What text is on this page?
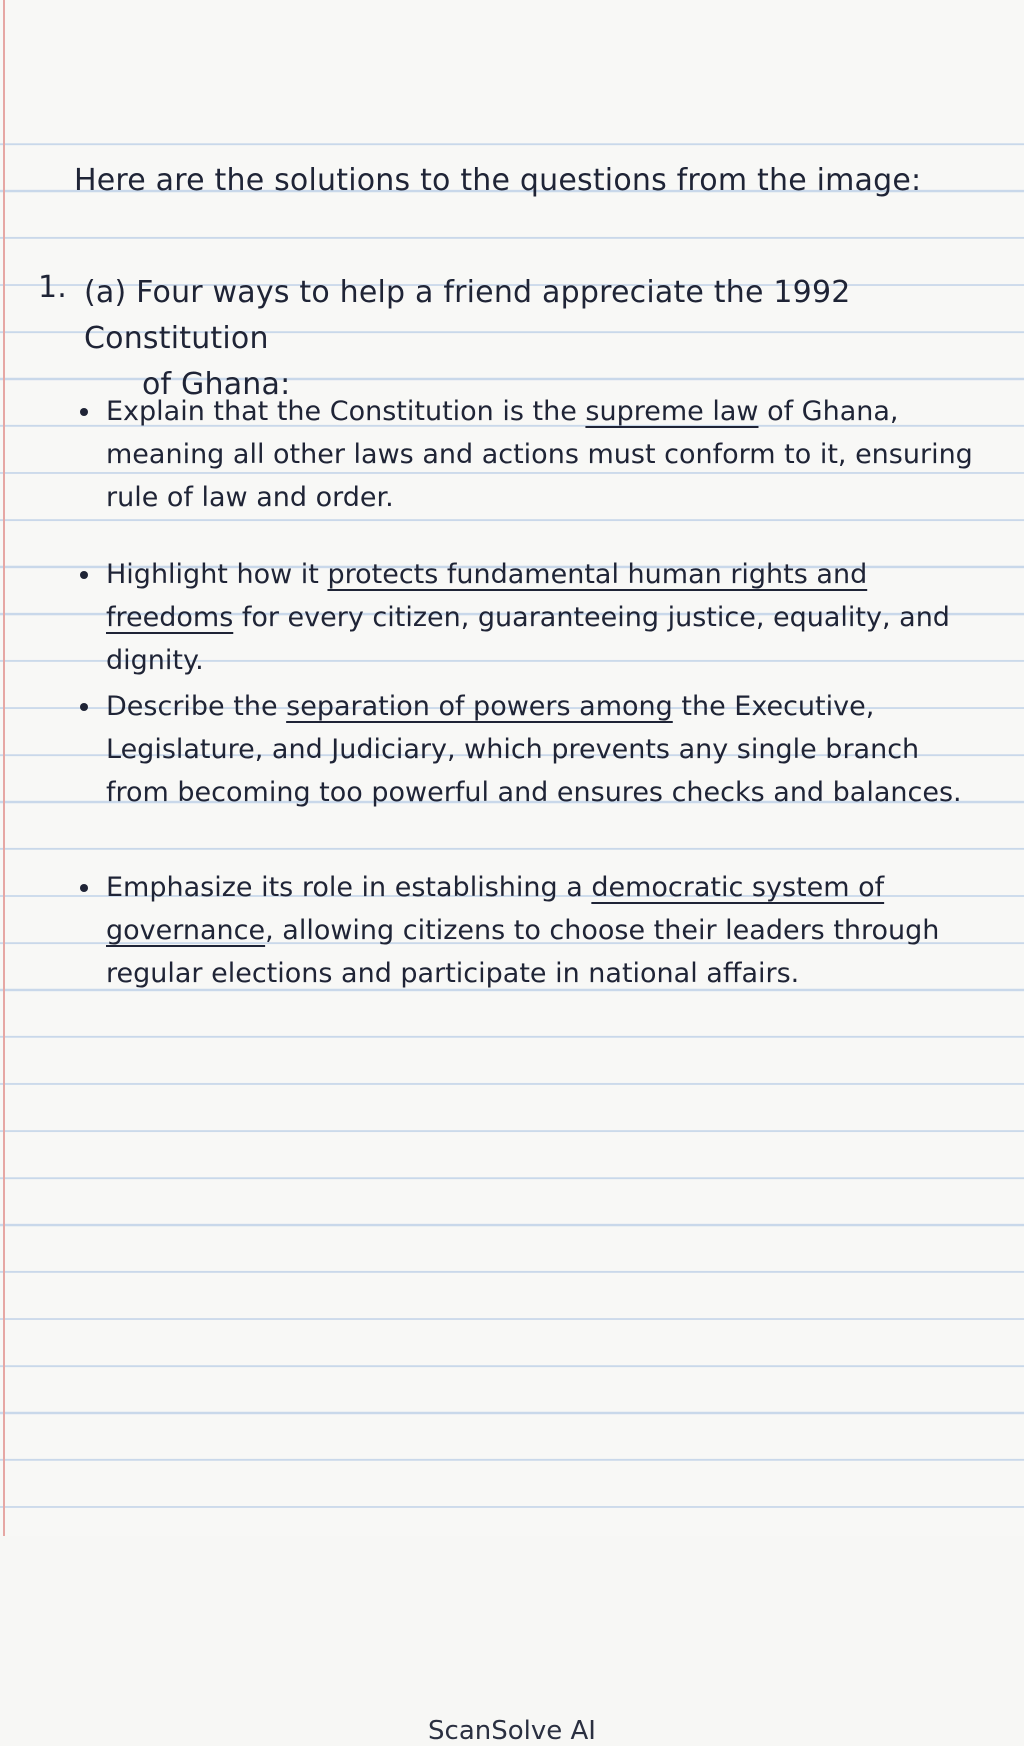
Here are the solutions to the questions from the image:
1. (a) Four ways to help a friend appreciate the 1992 Constitution
of Ghana:
Explain that the Constitution is the supreme law of Ghana, meaning all other laws and actions must conform to it, ensuring rule of law and order.
Highlight how it protects fundamental human rights and freedoms for every citizen, guaranteeing justice, equality, and dignity.
Describe the separation of powers among the Executive, Legislature, and Judiciary, which prevents any single branch from becoming too powerful and ensures checks and balances.
Emphasize its role in establishing a democratic system of governance, allowing citizens to choose their leaders through regular elections and participate in national affairs.
ScanSolve AI
